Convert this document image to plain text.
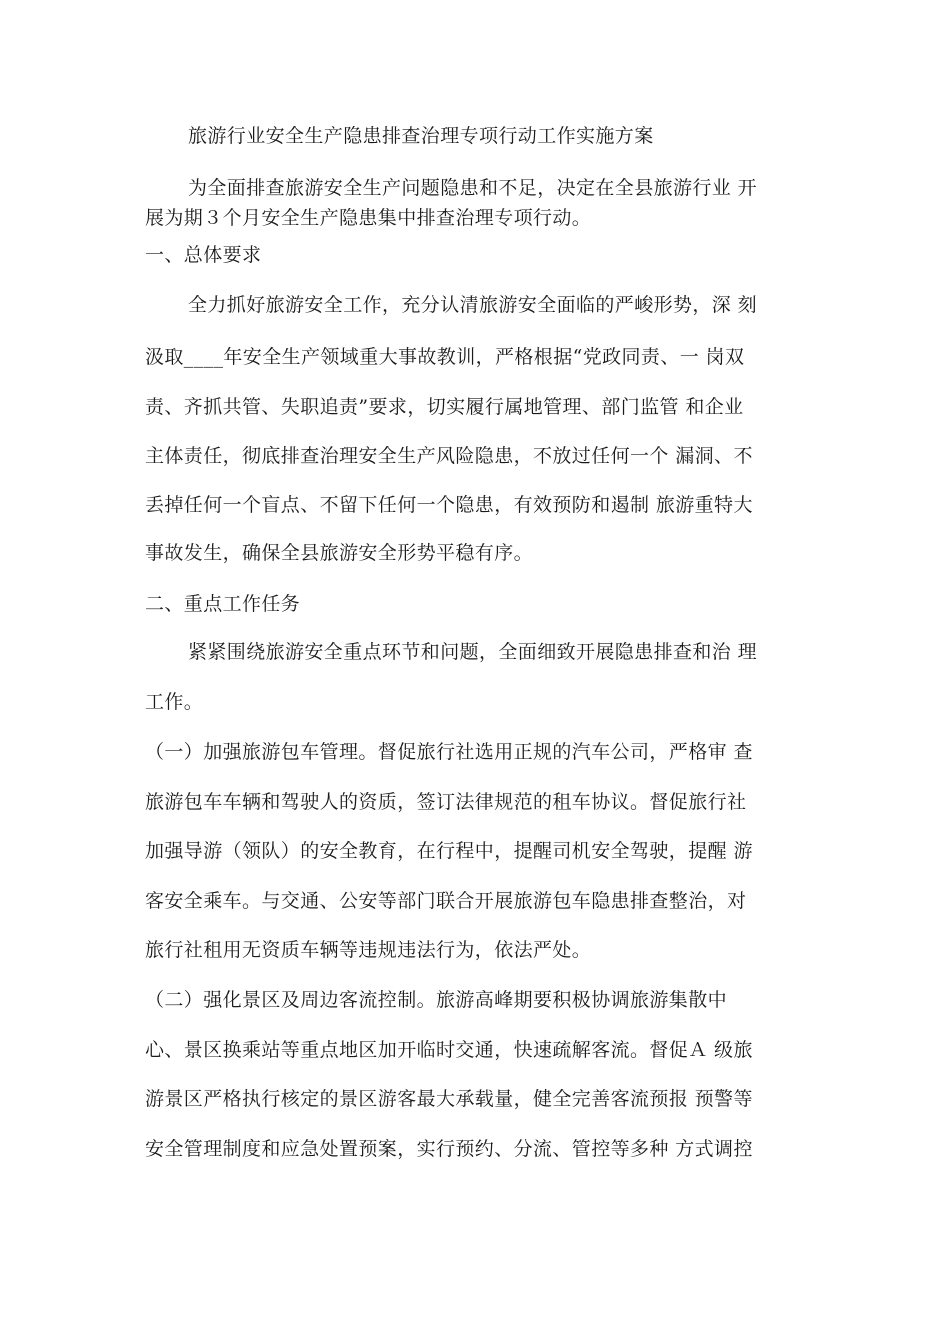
旅游行业安全生产隐患排查治理专项行动工作实施方案
为全面排查旅游安全生产问题隐患和不足，决定在全县旅游行业 开
展为期３个月安全生产隐患集中排查治理专项行动。
一、总体要求
全力抓好旅游安全工作，充分认清旅游安全面临的严峻形势，深 刻
汲取____年安全生产领域重大事故教训，严格根据“党政同责、一 岗双
责、齐抓共管、失职追责”要求，切实履行属地管理、部门监管 和企业
主体责任，彻底排查治理安全生产风险隐患，不放过任何一个 漏洞、不
丢掉任何一个盲点、不留下任何一个隐患，有效预防和遏制 旅游重特大
事故发生，确保全县旅游安全形势平稳有序。
二、重点工作任务
紧紧围绕旅游安全重点环节和问题，全面细致开展隐患排查和治 理
工作。
（一）加强旅游包车管理。督促旅行社选用正规的汽车公司，严格审 查
旅游包车车辆和驾驶人的资质，签订法律规范的租车协议。督促旅行社
加强导游（领队）的安全教育，在行程中，提醒司机安全驾驶，提醒 游
客安全乘车。与交通、公安等部门联合开展旅游包车隐患排查整治，对
旅行社租用无资质车辆等违规违法行为，依法严处。
（二）强化景区及周边客流控制。旅游高峰期要积极协调旅游集散中
心、景区换乘站等重点地区加开临时交通，快速疏解客流。督促Ａ 级旅
游景区严格执行核定的景区游客最大承载量，健全完善客流预报 预警等
安全管理制度和应急处置预案，实行预约、分流、管控等多种 方式调控
